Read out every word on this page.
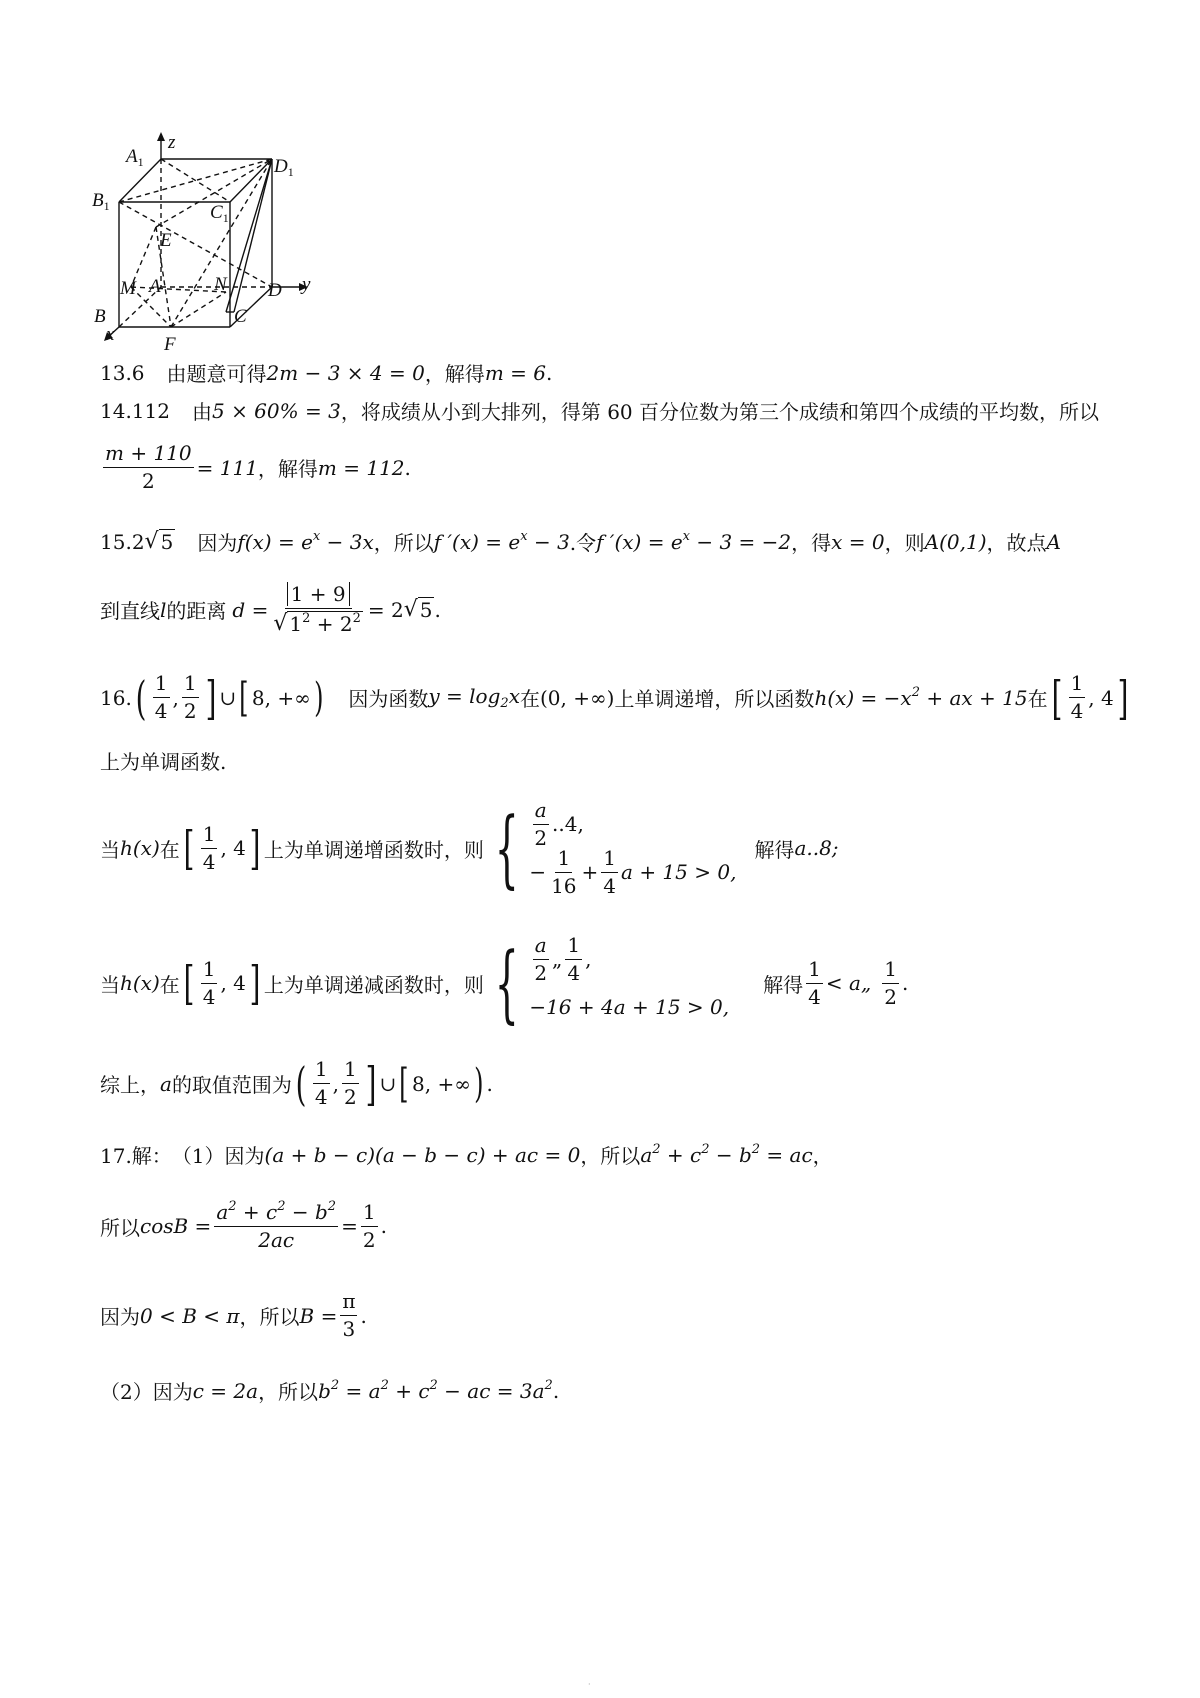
z
y
x
$A_1$
$B_1$	$C_1$
$D_1$
E
M A	N D
B
F
C
13.6 由题意可得 2m − 3 × 4 = 0 ，解得 m = 6 .
14.112 由 5 × 60% = 3 ，将成绩从小到大排列，得第 60 百分位数为第三个成绩和第四个成绩的平均数，所以
$\frac{m + 110}{2} = 111$ ，解得 m = 112 .
15. 2 √ 5 因为 $f(x) = e^x - 3x$ ，所以 f $'(x) = e^x - 3$ .令 f $'(x) = e^x - 3 = -2$ ，得 x = 0 ，则 A(0,1) ，故点 A
到直线 l 的距离 $d = \frac{1 + 9}{√ 1^2 + 2^2} = 2$ √ 5 .
16. ( $\frac{1}{4}$ , $\frac{1}{2}$ ] ∪ [ 8, +∞ ) 因为函数 $y = \log_2x$ 在 (0, +∞) 上单调递增，所以函数 $h(x) = -x^2$ + ax + 15 在 [ $\frac{1}{4}$ , 4 ]
上为单调函数.
当 h(x) 在 [ $\frac{1}{4}$ , 4 ] 上为单调递增函数时，则 { $\frac{a}{2} ..4$,
− $\frac{1}{16} + \frac{1}{4}$ a + 15 > 0,
解得 a..8;
当 h(x) 在 [ $\frac{1}{4}$ , 4 ] 上为单调递减函数时，则 { $\frac{a}{2}$ „ $\frac{1}{4}$ ,
−16 + 4a + 15 > 0,
解得 $\frac{1}{4}$ < a„ $\frac{1}{2}$ .
综上， a 的取值范围为 ( $\frac{1}{4}$ , $\frac{1}{2}$ ] ∪ [ 8, +∞ ) .
17.解： （1）因为 (a + b − c)(a − b − c) + ac = 0 ，所以 $a^2 + c^2 - b^2$ = ac ，
所以 $\cos B = \frac{a^2 + c^2 - b^2}{2ac} = \frac{1}{2}$ .
因为 0 < B < π ，所以 $B = \frac{\pi}{3}$ .
（2）因为 c = 2a ，所以 $b^2 = a^2 + c^2$ − ac = $3a^2$ .
·
